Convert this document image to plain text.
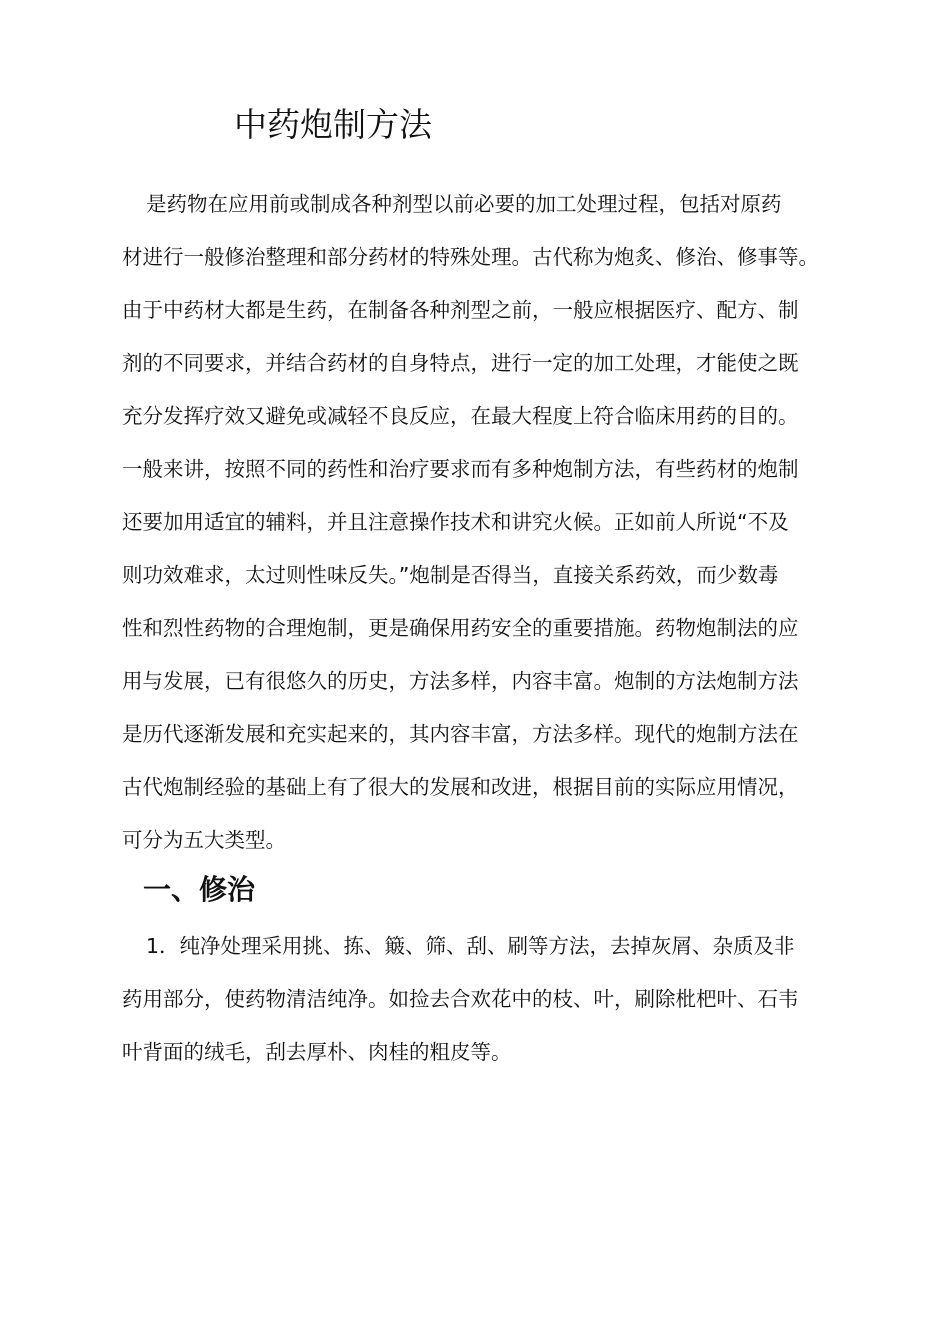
中药炮制方法

是药物在应用前或制成各种剂型以前必要的加工处理过程，包括对原药

材进行一般修治整理和部分药材的特殊处理。古代称为炮炙、修治、修事等。

由于中药材大都是生药，在制备各种剂型之前，一般应根据医疗、配方、制

剂的不同要求，并结合药材的自身特点，进行一定的加工处理，才能使之既

充分发挥疗效又避免或减轻不良反应，在最大程度上符合临床用药的目的。

一般来讲，按照不同的药性和治疗要求而有多种炮制方法，有些药材的炮制

还要加用适宜的辅料，并且注意操作技术和讲究火候。正如前人所说“不及

则功效难求，太过则性味反失。”炮制是否得当，直接关系药效，而少数毒

性和烈性药物的合理炮制，更是确保用药安全的重要措施。药物炮制法的应

用与发展，已有很悠久的历史，方法多样，内容丰富。炮制的方法炮制方法

是历代逐渐发展和充实起来的，其内容丰富，方法多样。现代的炮制方法在

古代炮制经验的基础上有了很大的发展和改进，根据目前的实际应用情况，

可分为五大类型。

一、修治

1．纯净处理采用挑、拣、簸、筛、刮、刷等方法，去掉灰屑、杂质及非

药用部分，使药物清洁纯净。如捡去合欢花中的枝、叶，刷除枇杷叶、石韦

叶背面的绒毛，刮去厚朴、肉桂的粗皮等。
